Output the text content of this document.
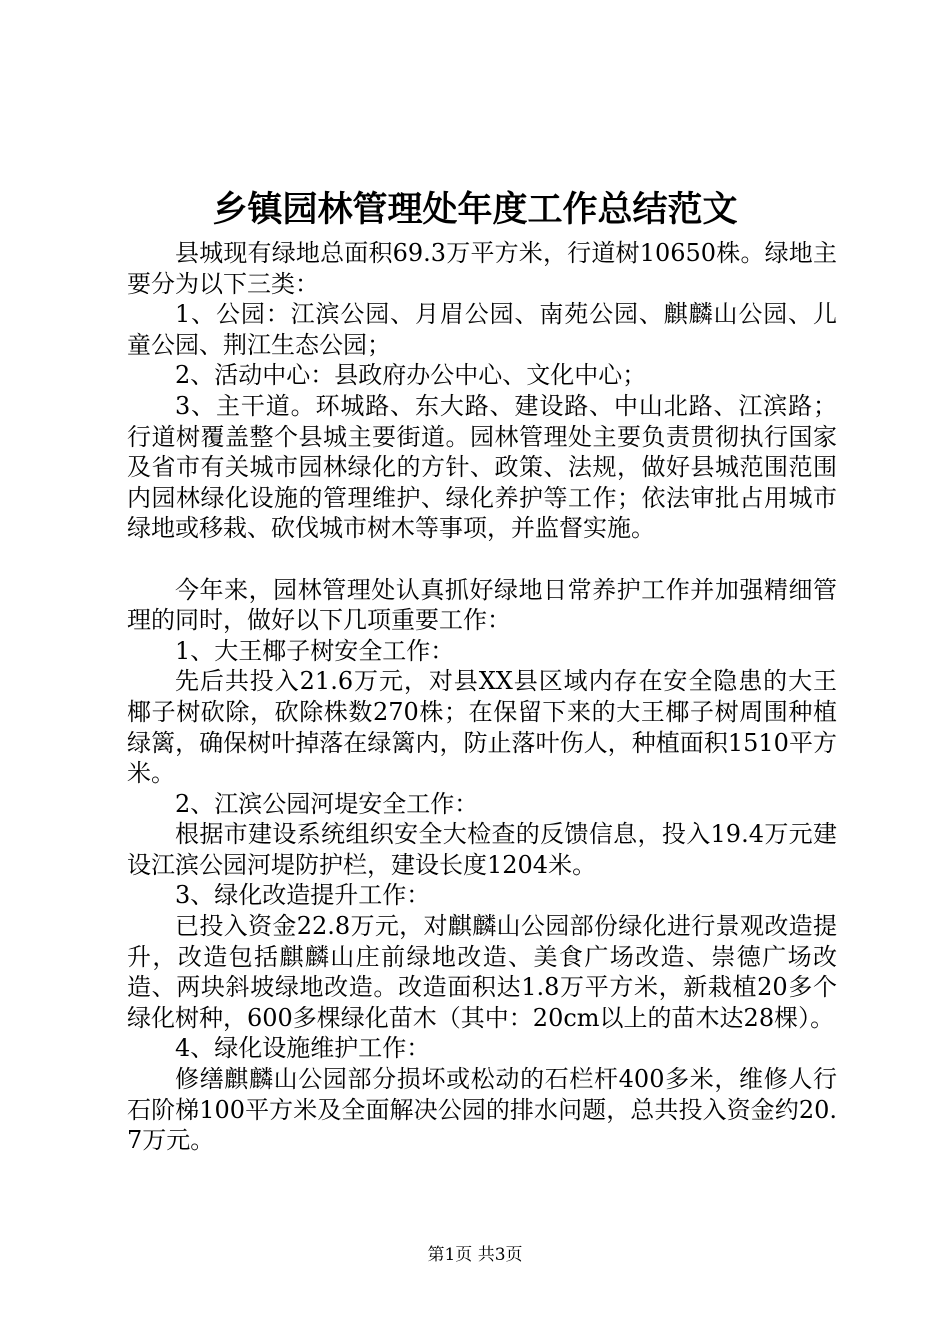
乡镇园林管理处年度工作总结范文

县城现有绿地总面积69.3万平方米，行道树10650株。绿地主要分为以下三类：

1、公园：江滨公园、月眉公园、南苑公园、麒麟山公园、儿童公园、荆江生态公园；

2、活动中心：县政府办公中心、文化中心；

3、主干道。环城路、东大路、建设路、中山北路、江滨路；行道树覆盖整个县城主要街道。园林管理处主要负责贯彻执行国家及省市有关城市园林绿化的方针、政策、法规，做好县城范围范围内园林绿化设施的管理维护、绿化养护等工作；依法审批占用城市绿地或移栽、砍伐城市树木等事项，并监督实施。

今年来，园林管理处认真抓好绿地日常养护工作并加强精细管理的同时，做好以下几项重要工作：

1、大王椰子树安全工作：

先后共投入21.6万元，对县XX县区域内存在安全隐患的大王椰子树砍除，砍除株数270株；在保留下来的大王椰子树周围种植绿篱，确保树叶掉落在绿篱内，防止落叶伤人，种植面积1510平方米。

2、江滨公园河堤安全工作：

根据市建设系统组织安全大检查的反馈信息，投入19.4万元建设江滨公园河堤防护栏，建设长度1204米。

3、绿化改造提升工作：

已投入资金22.8万元，对麒麟山公园部份绿化进行景观改造提升，改造包括麒麟山庄前绿地改造、美食广场改造、崇德广场改造、两块斜坡绿地改造。改造面积达1.8万平方米，新栽植20多个绿化树种，600多棵绿化苗木（其中：20cm以上的苗木达28棵）。

4、绿化设施维护工作：

修缮麒麟山公园部分损坏或松动的石栏杆400多米，维修人行石阶梯100平方米及全面解决公园的排水问题，总共投入资金约20.7万元。

第1页 共3页
